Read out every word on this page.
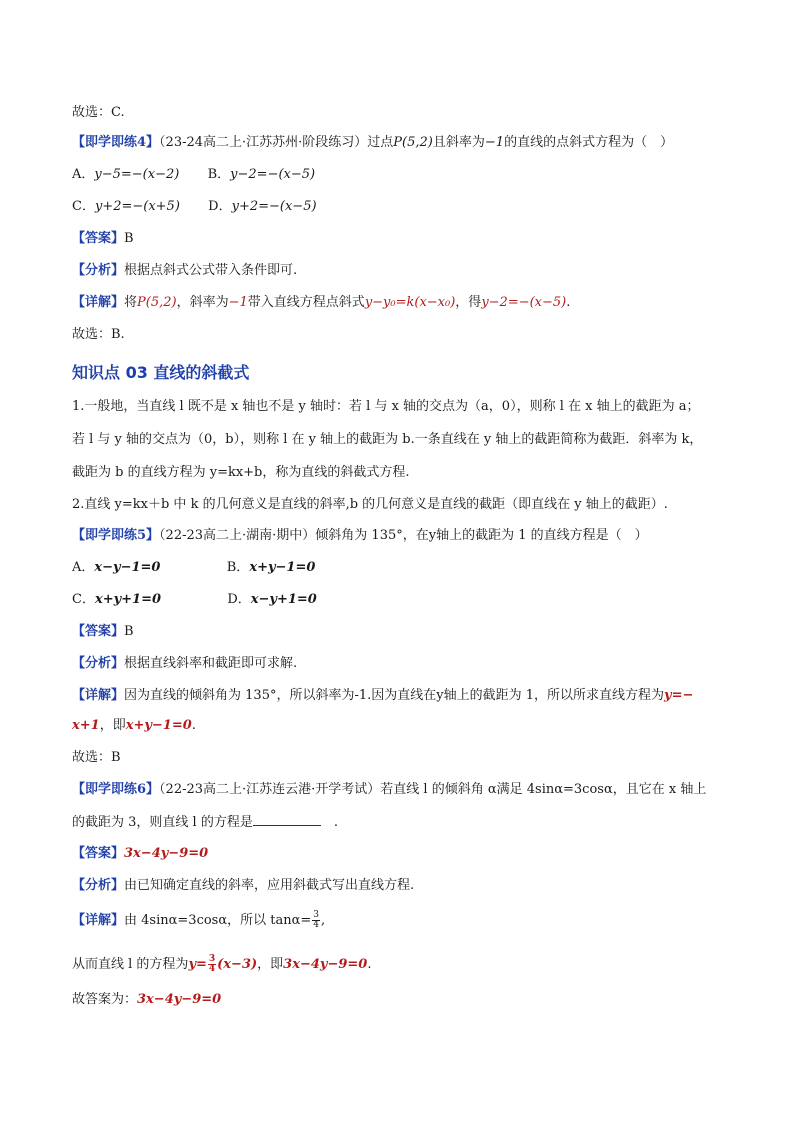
故选：C.
【即学即练4】（23-24高二上·江苏苏州·阶段练习）过点P(5,2)且斜率为−1的直线的点斜式方程为（　）
A．y−5=−(x−2) B．y−2=−(x−5)
C．y+2=−(x+5) D．y+2=−(x−5)
【答案】B
【分析】根据点斜式公式带入条件即可.
【详解】将P(5,2)，斜率为−1带入直线方程点斜式y−y₀=k(x−x₀)，得y−2=−(x−5).
故选：B.
知识点 03 直线的斜截式
1.一般地，当直线 l 既不是 x 轴也不是 y 轴时：若 l 与 x 轴的交点为（a，0），则称 l 在 x 轴上的截距为 a；
若 l 与 y 轴的交点为（0，b），则称 l 在 y 轴上的截距为 b.一条直线在 y 轴上的截距简称为截距．斜率为 k，
截距为 b 的直线方程为 y=kx+b，称为直线的斜截式方程.
2.直线 y=kx＋b 中 k 的几何意义是直线的斜率,b 的几何意义是直线的截距（即直线在 y 轴上的截距）.
【即学即练5】（22-23高二上·湖南·期中）倾斜角为 135°，在y轴上的截距为 1 的直线方程是（　）
A．x−y−1=0	B．x+y−1=0
C．x+y+1=0	D．x−y+1=0
【答案】B
【分析】根据直线斜率和截距即可求解.
【详解】因为直线的倾斜角为 135°，所以斜率为-1.因为直线在y轴上的截距为 1，所以所求直线方程为y=−
x+1，即x+y−1=0.
故选：B
【即学即练6】（22-23高二上·江苏连云港·开学考试）若直线 l 的倾斜角 α满足 4sinα=3cosα，且它在 x 轴上
的截距为 3，则直线 l 的方程是	　.
【答案】3x−4y−9=0
【分析】由已知确定直线的斜率，应用斜截式写出直线方程.
【详解】由 4sinα=3cosα，所以 $\tan\alpha= \frac{3}{4}$ ,
从而直线 l 的方程为$y= \frac{3}{4} (x-3)$，即3x−4y−9=0.
故答案为：3x−4y−9=0
